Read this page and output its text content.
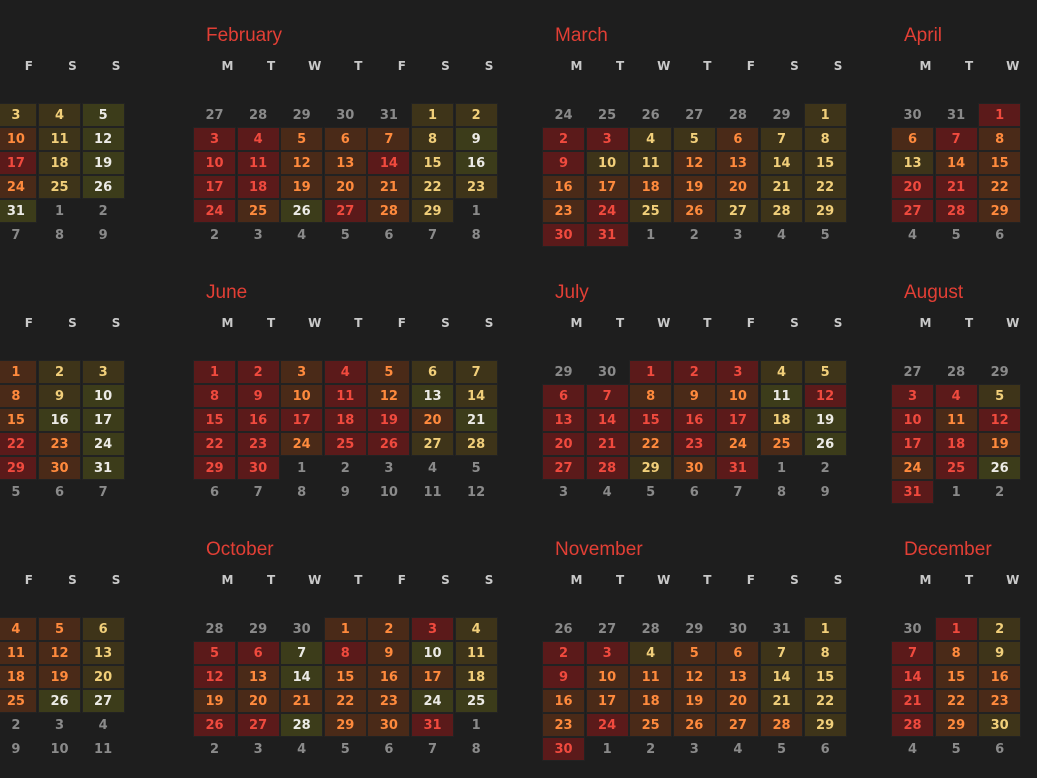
F	S	S
3	4	5
10	11	12
17	18	19
24	25	26
31	1	2
7	8	9
February
M	T	W	T	F	S	S
27	28	29	30	31	1	2
3	4	5	6	7	8	9
10	11	12	13	14	15	16
17	18	19	20	21	22	23
24	25	26	27	28	29	1
2	3	4	5	6	7	8
March
M	T	W	T	F	S	S
24	25	26	27	28	29	1
2	3	4	5	6	7	8
9	10	11	12	13	14	15
16	17	18	19	20	21	22
23	24	25	26	27	28	29
30	31	1	2	3	4	5
April
M	T	W
30	31	1
6	7	8
13	14	15
20	21	22
27	28	29
4	5	6
F	S	S
1	2	3
8	9	10
15	16	17
22	23	24
29	30	31
5	6	7
June
M	T	W	T	F	S	S
1	2	3	4	5	6	7
8	9	10	11	12	13	14
15	16	17	18	19	20	21
22	23	24	25	26	27	28
29	30	1	2	3	4	5
6	7	8	9	10	11	12
July
M	T	W	T	F	S	S
29	30	1	2	3	4	5
6	7	8	9	10	11	12
13	14	15	16	17	18	19
20	21	22	23	24	25	26
27	28	29	30	31	1	2
3	4	5	6	7	8	9
August
M	T	W
27	28	29
3	4	5
10	11	12
17	18	19
24	25	26
31	1	2
F	S	S
4	5	6
11	12	13
18	19	20
25	26	27
2	3	4
9	10	11
October
M	T	W	T	F	S	S
28	29	30	1	2	3	4
5	6	7	8	9	10	11
12	13	14	15	16	17	18
19	20	21	22	23	24	25
26	27	28	29	30	31	1
2	3	4	5	6	7	8
November
M	T	W	T	F	S	S
26	27	28	29	30	31	1
2	3	4	5	6	7	8
9	10	11	12	13	14	15
16	17	18	19	20	21	22
23	24	25	26	27	28	29
30	1	2	3	4	5	6
December
M	T	W
30	1	2
7	8	9
14	15	16
21	22	23
28	29	30
4	5	6
